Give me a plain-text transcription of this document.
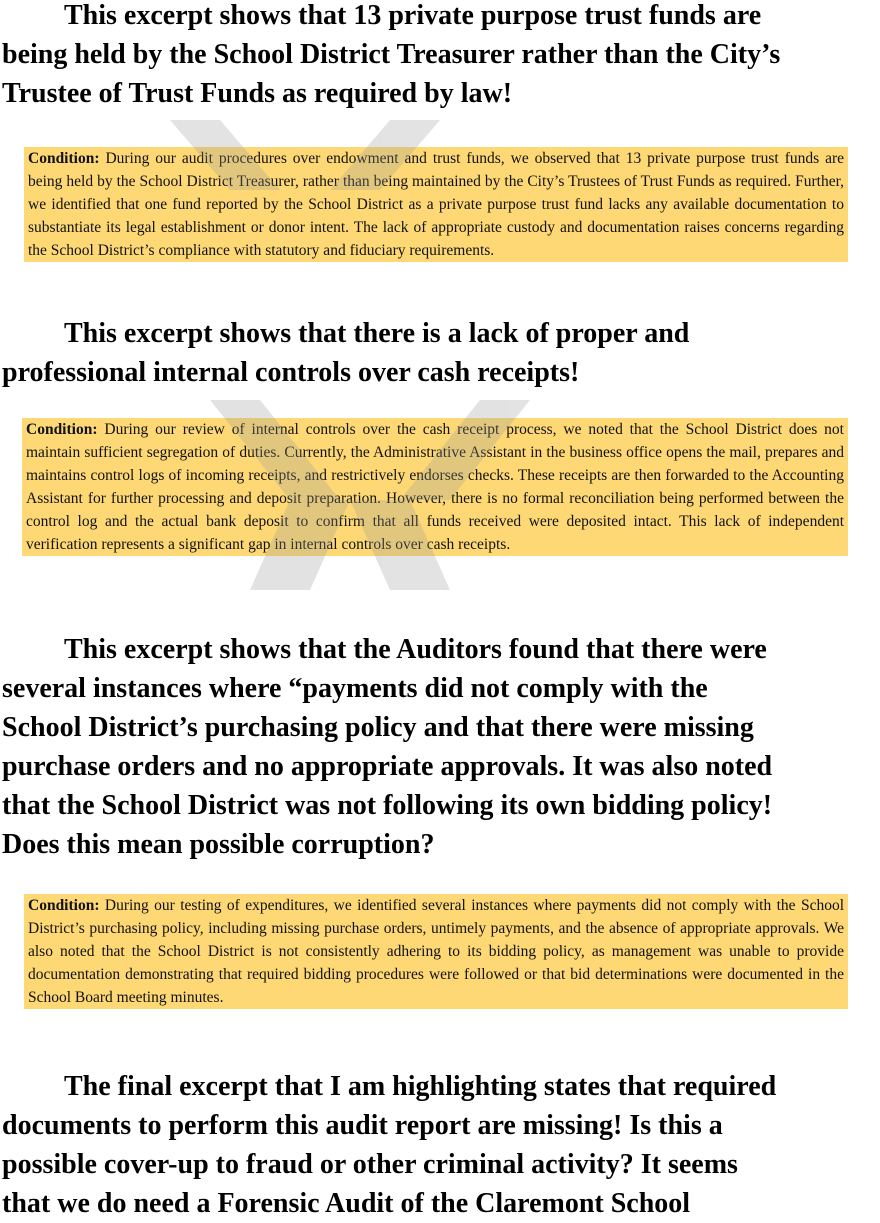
This excerpt shows that 13 private purpose trust funds are
being held by the School District Treasurer rather than the City’s
Trustee of Trust Funds as required by law!

Condition: During our audit procedures over endowment and trust funds, we observed that 13 private purpose trust funds are being held by the School District Treasurer, rather than being maintained by the City’s Trustees of Trust Funds as required. Further, we identified that one fund reported by the School District as a private purpose trust fund lacks any available documentation to substantiate its legal establishment or donor intent. The lack of appropriate custody and documentation raises concerns regarding the School District’s compliance with statutory and fiduciary requirements.

This excerpt shows that there is a lack of proper and
professional internal controls over cash receipts!

Condition: During our review of internal controls over the cash receipt process, we noted that the School District does not maintain sufficient segregation of duties. Currently, the Administrative Assistant in the business office opens the mail, prepares and maintains control logs of incoming receipts, and restrictively endorses checks. These receipts are then forwarded to the Accounting Assistant for further processing and deposit preparation. However, there is no formal reconciliation being performed between the control log and the actual bank deposit to confirm that all funds received were deposited intact. This lack of independent verification represents a significant gap in internal controls over cash receipts.

This excerpt shows that the Auditors found that there were
several instances where “payments did not comply with the
School District’s purchasing policy and that there were missing
purchase orders and no appropriate approvals. It was also noted
that the School District was not following its own bidding policy!
Does this mean possible corruption?

Condition: During our testing of expenditures, we identified several instances where payments did not comply with the School District’s purchasing policy, including missing purchase orders, untimely payments, and the absence of appropriate approvals. We also noted that the School District is not consistently adhering to its bidding policy, as management was unable to provide documentation demonstrating that required bidding procedures were followed or that bid determinations were documented in the School Board meeting minutes.

The final excerpt that I am highlighting states that required
documents to perform this audit report are missing! Is this a
possible cover-up to fraud or other criminal activity? It seems
that we do need a Forensic Audit of the Claremont School
